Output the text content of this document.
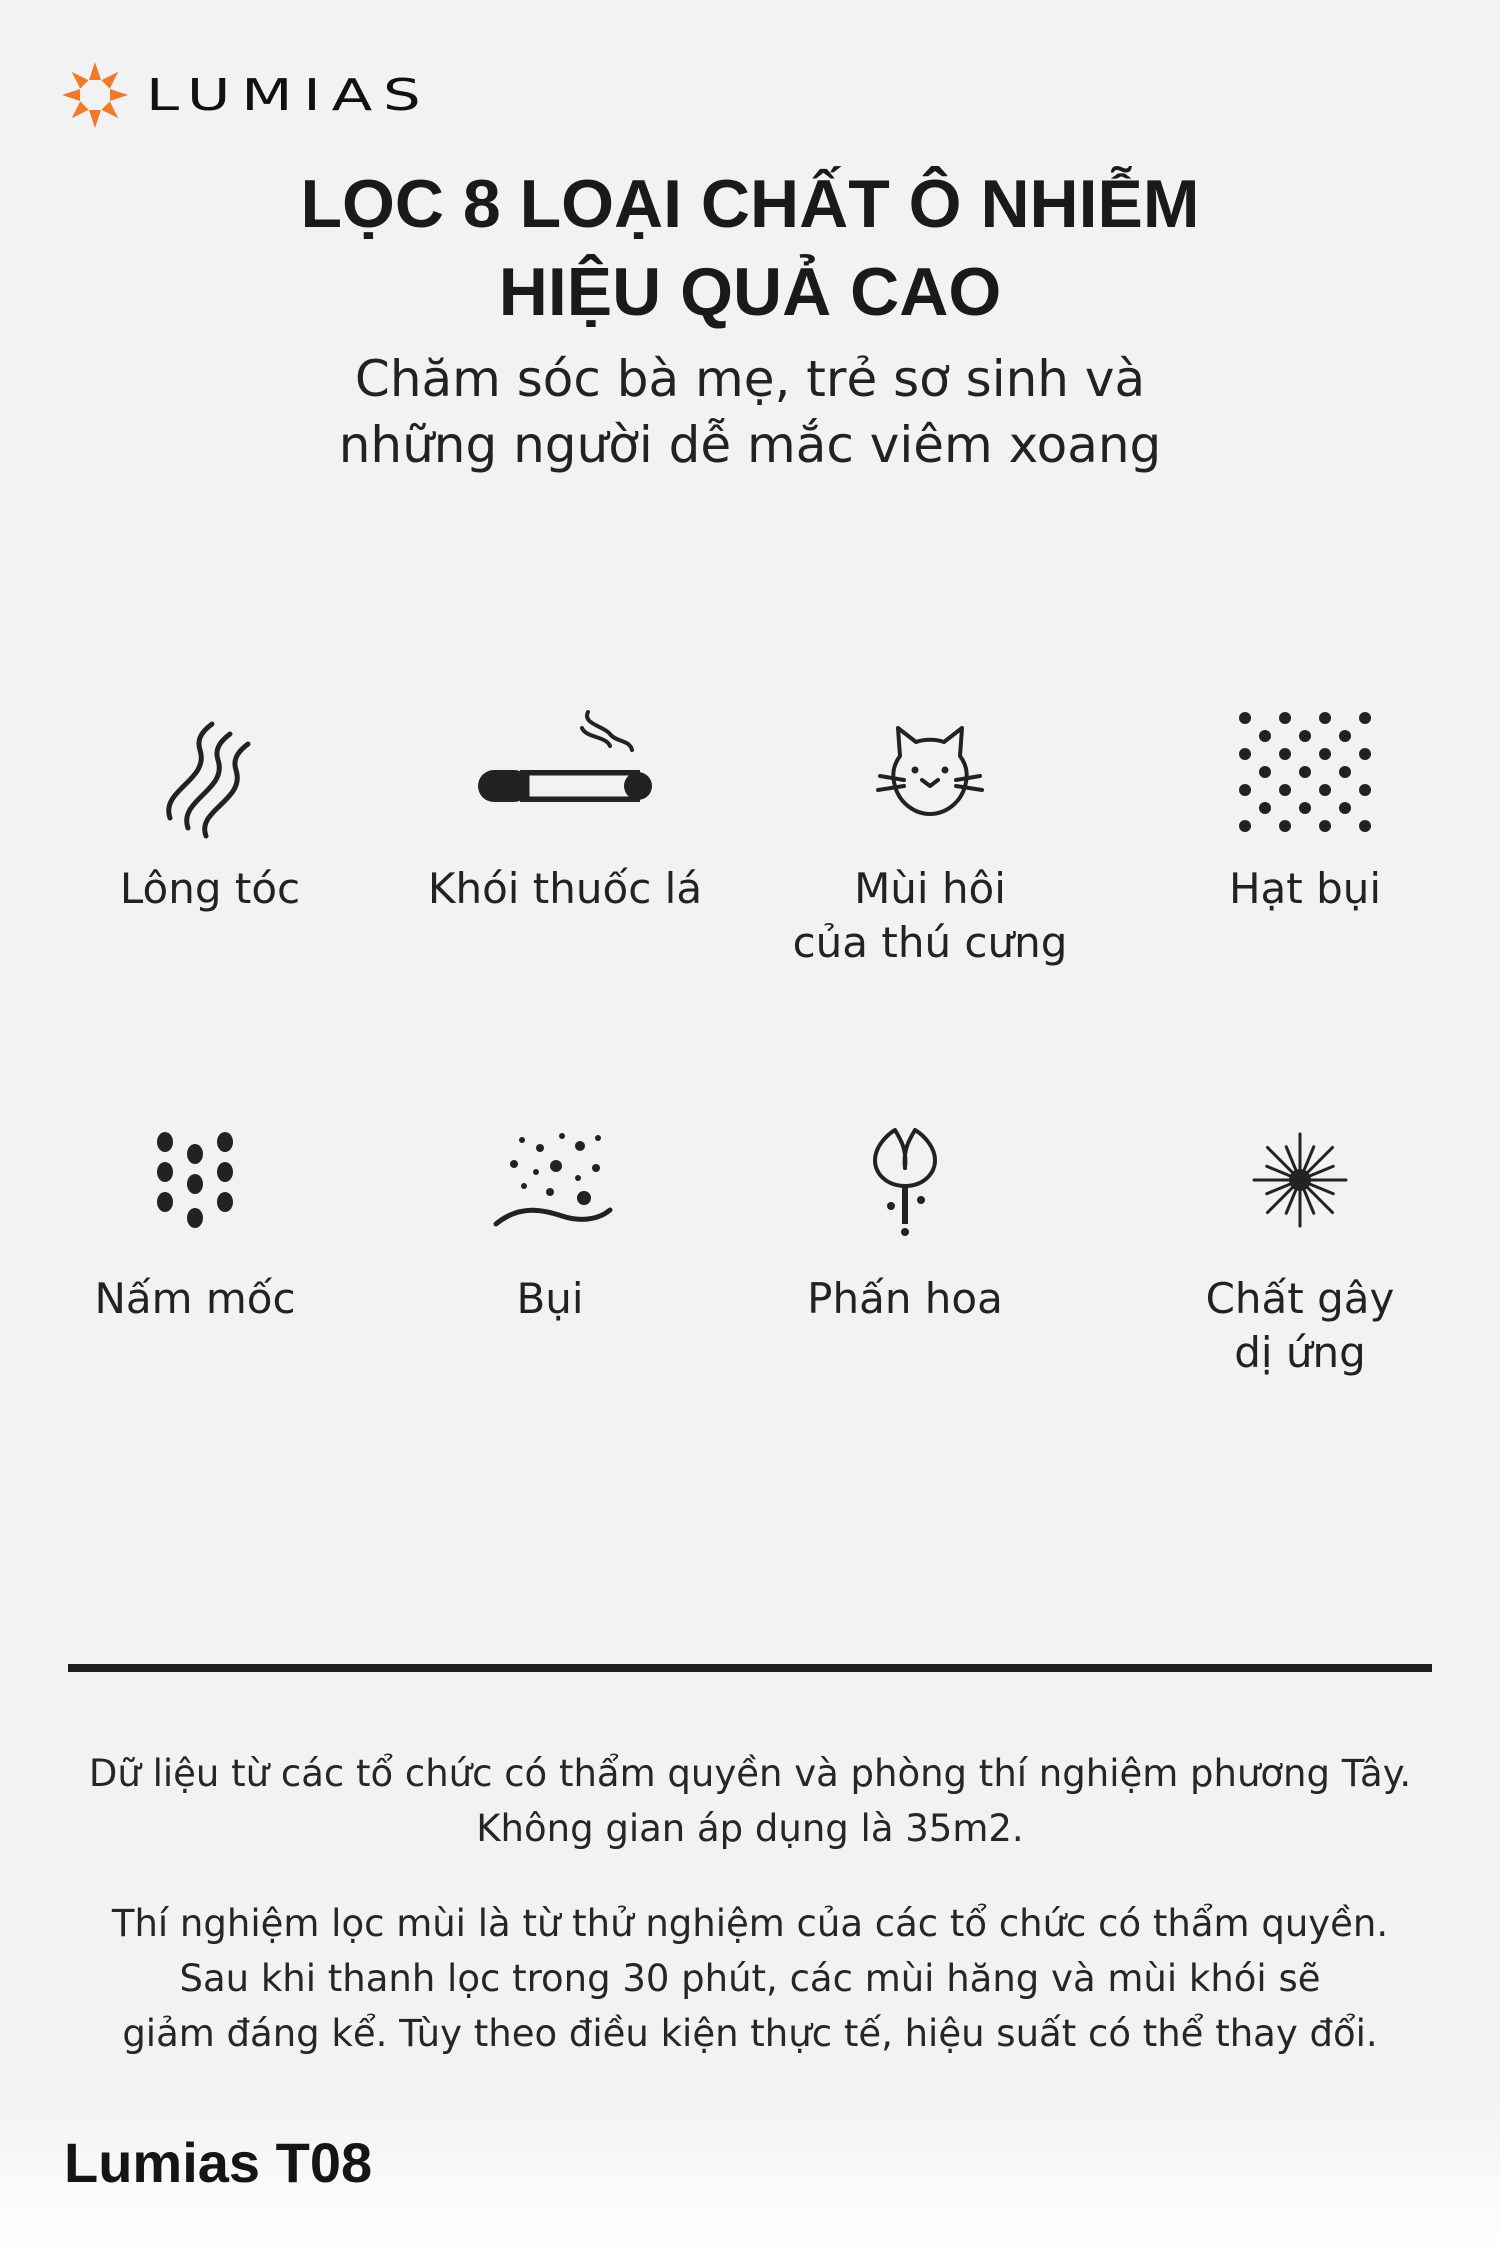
LUMIAS
LỌC 8 LOẠI CHẤT Ô NHIỄM
HIỆU QUẢ CAO
Chăm sóc bà mẹ, trẻ sơ sinh và
những người dễ mắc viêm xoang
Lông tóc	Khói thuốc lá	Mùi hôi
của thú cưng
Hạt bụi
Nấm mốc	Bụi	Phấn hoa	Chất gây
dị ứng
Dữ liệu từ các tổ chức có thẩm quyền và phòng thí nghiệm phương Tây.
Không gian áp dụng là 35m2.
Thí nghiệm lọc mùi là từ thử nghiệm của các tổ chức có thẩm quyền.
Sau khi thanh lọc trong 30 phút, các mùi hăng và mùi khói sẽ
giảm đáng kể. Tùy theo điều kiện thực tế, hiệu suất có thể thay đổi.
Lumias T08
